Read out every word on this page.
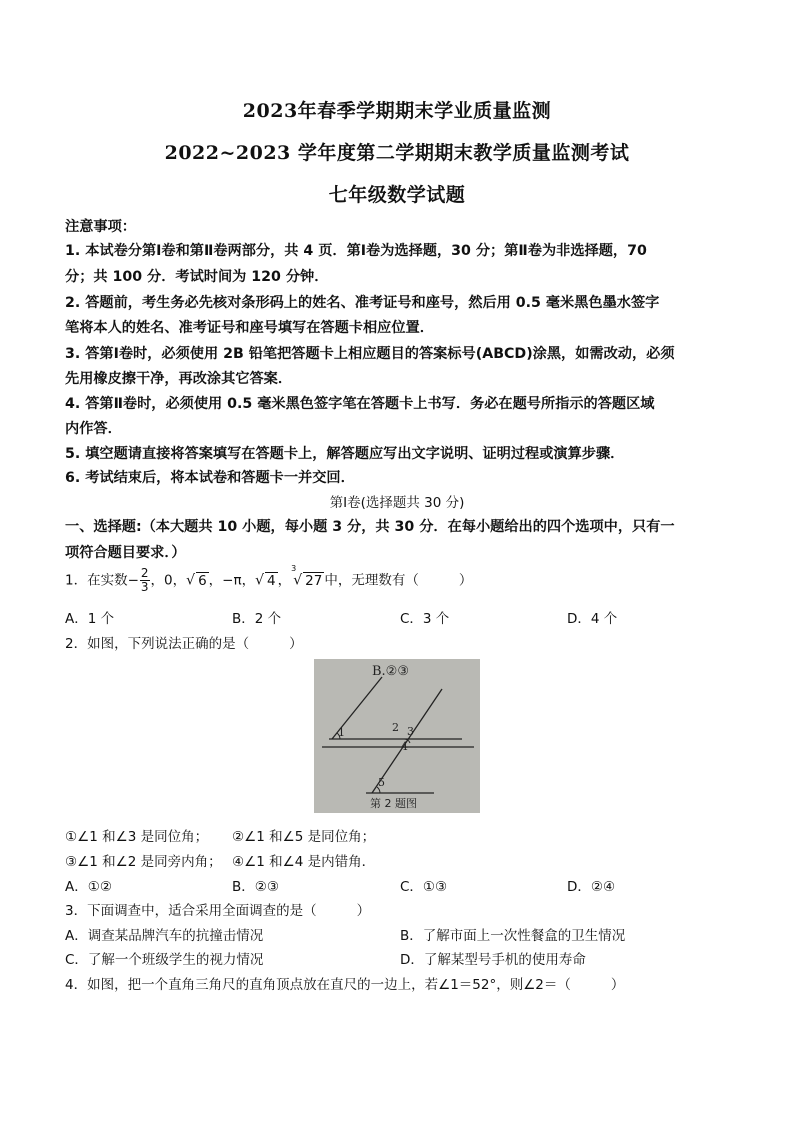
2023年春季学期期末学业质量监测
2022~2023 学年度第二学期期末教学质量监测考试
七年级数学试题
注意事项：
1. 本试卷分第Ⅰ卷和第Ⅱ卷两部分，共 4 页．第Ⅰ卷为选择题，30 分；第Ⅱ卷为非选择题，70
分；共 100 分．考试时间为 120 分钟．
2. 答题前，考生务必先核对条形码上的姓名、准考证号和座号，然后用 0.5 毫米黑色墨水签字
笔将本人的姓名、准考证号和座号填写在答题卡相应位置．
3. 答第Ⅰ卷时，必须使用 2B 铅笔把答题卡上相应题目的答案标号(ABCD)涂黑，如需改动，必须
先用橡皮擦干净，再改涂其它答案．
4. 答第Ⅱ卷时，必须使用 0.5 毫米黑色签字笔在答题卡上书写．务必在题号所指示的答题区域
内作答．
5. 填空题请直接将答案填写在答题卡上，解答题应写出文字说明、证明过程或演算步骤．
6. 考试结束后，将本试卷和答题卡一并交回．
第Ⅰ卷(选择题共 30 分)
一、选择题:（本大题共 10 小题，每小题 3 分，共 30 分．在每小题给出的四个选项中，只有一
项符合题目要求．）
1．在实数− $\frac{2}{3}$ ，0，√ 6 ，−π，√ 4 ，$^3$√ 27 中，无理数有（	）
A．1 个	B．2 个	C．3 个	D．4 个
2．如图，下列说法正确的是（	）
B.②③
1	2 3
4
5
第 2 题图
①∠1 和∠3 是同位角； ②∠1 和∠5 是同位角；
③∠1 和∠2 是同旁内角； ④∠1 和∠4 是内错角．
A．①②	B．②③	C．①③	D．②④
3．下面调查中，适合采用全面调查的是（	）
A．调查某品牌汽车的抗撞击情况	B．了解市面上一次性餐盒的卫生情况
C．了解一个班级学生的视力情况	D．了解某型号手机的使用寿命
4．如图，把一个直角三角尺的直角顶点放在直尺的一边上，若∠1＝52°，则∠2＝（	）
